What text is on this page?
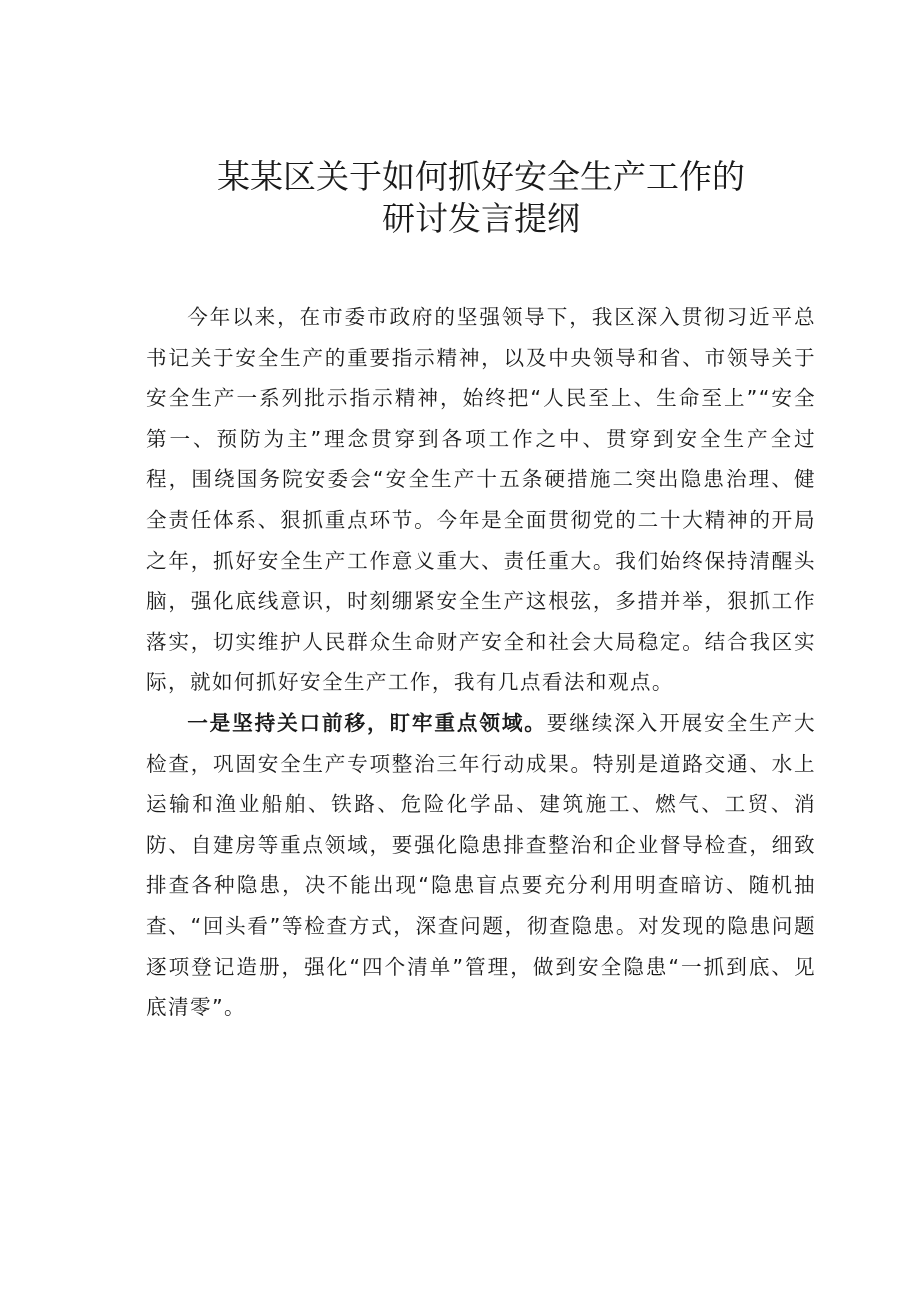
某某区关于如何抓好安全生产工作的
研讨发言提纲

今年以来，在市委市政府的坚强领导下，我区深入贯彻习近平总书记关于安全生产的重要指示精神，以及中央领导和省、市领导关于安全生产一系列批示指示精神，始终把“人民至上、生命至上”“安全第一、预防为主”理念贯穿到各项工作之中、贯穿到安全生产全过程，围绕国务院安委会“安全生产十五条硬措施二突出隐患治理、健全责任体系、狠抓重点环节。今年是全面贯彻党的二十大精神的开局之年，抓好安全生产工作意义重大、责任重大。我们始终保持清醒头脑，强化底线意识，时刻绷紧安全生产这根弦，多措并举，狠抓工作落实，切实维护人民群众生命财产安全和社会大局稳定。结合我区实际，就如何抓好安全生产工作，我有几点看法和观点。

一是坚持关口前移，盯牢重点领域。要继续深入开展安全生产大检查，巩固安全生产专项整治三年行动成果。特别是道路交通、水上运输和渔业船舶、铁路、危险化学品、建筑施工、燃气、工贸、消防、自建房等重点领域，要强化隐患排查整治和企业督导检查，细致排查各种隐患，决不能出现“隐患盲点要充分利用明查暗访、随机抽查、“回头看”等检查方式，深查问题，彻查隐患。对发现的隐患问题逐项登记造册，强化“四个清单”管理，做到安全隐患“一抓到底、见底清零”。
